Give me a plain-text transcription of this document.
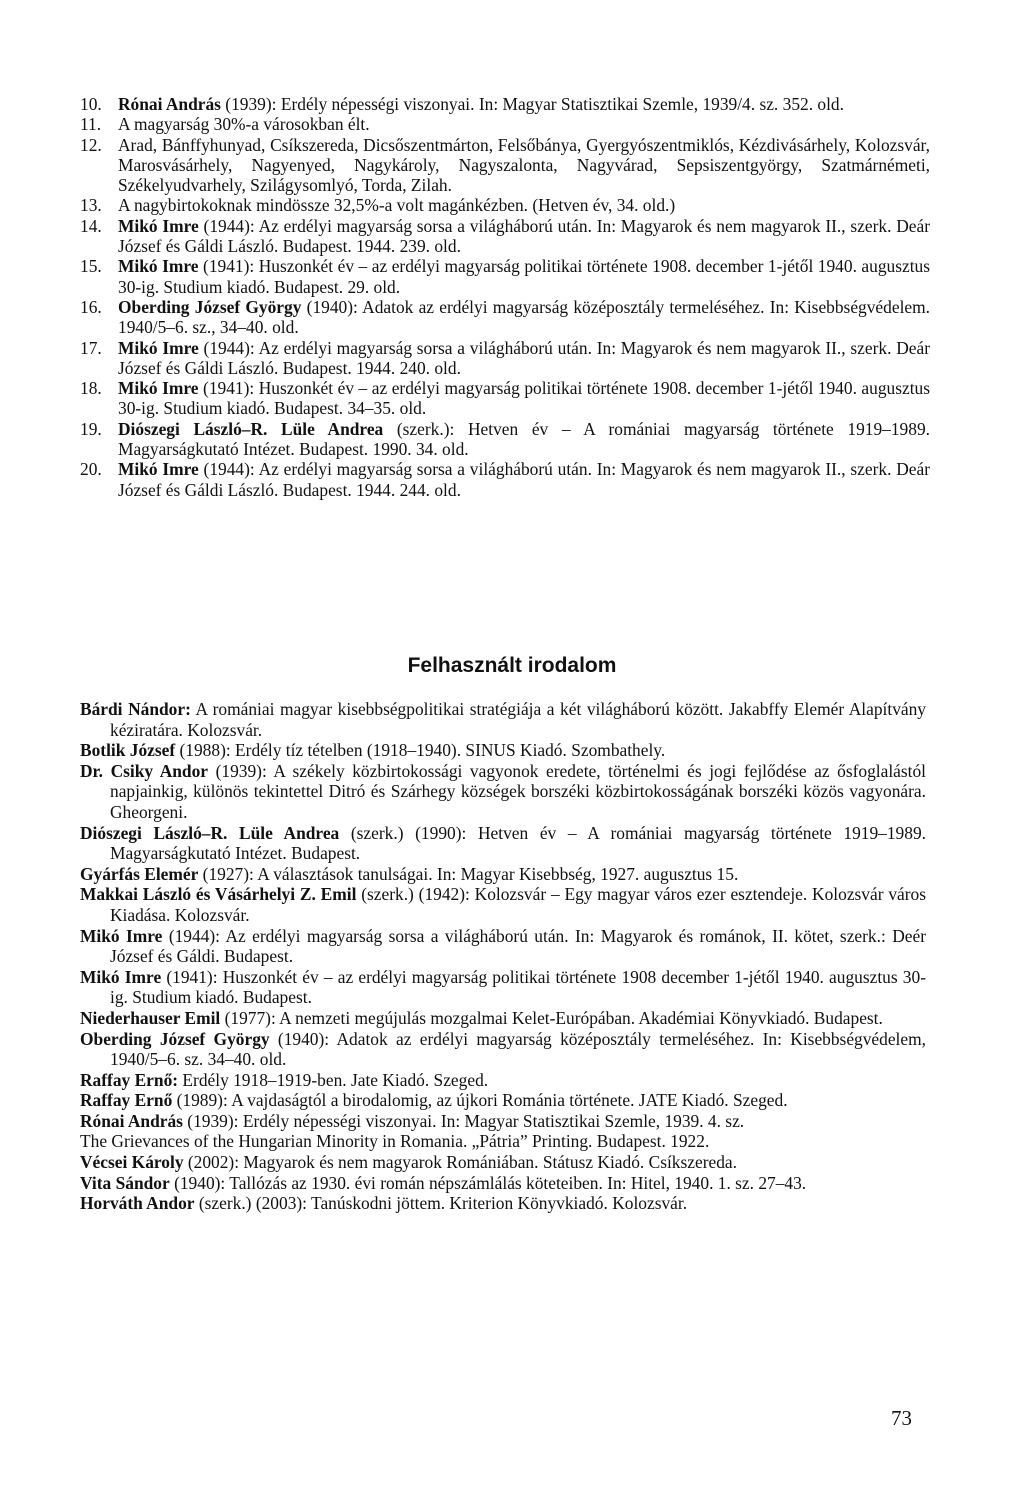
10. Rónai András (1939): Erdély népességi viszonyai. In: Magyar Statisztikai Szemle, 1939/4. sz. 352. old.
11. A magyarság 30%-a városokban élt.
12. Arad, Bánffyhunyad, Csíkszereda, Dicsőszentmárton, Felsőbánya, Gyergyószentmiklós, Kézdivásárhely, Kolozsvár, Marosvásárhely, Nagyenyed, Nagykároly, Nagyszalonta, Nagyvárad, Sepsiszentgyörgy, Szatmárnémeti, Székelyudvarhely, Szilágysomlyó, Torda, Zilah.
13. A nagybirtokoknak mindössze 32,5%-a volt magánkézben. (Hetven év, 34. old.)
14. Mikó Imre (1944): Az erdélyi magyarság sorsa a világháború után. In: Magyarok és nem magyarok II., szerk. Deár József és Gáldi László. Budapest. 1944. 239. old.
15. Mikó Imre (1941): Huszonkét év – az erdélyi magyarság politikai története 1908. december 1-jétől 1940. augusztus 30-ig. Studium kiadó. Budapest. 29. old.
16. Oberding József György (1940): Adatok az erdélyi magyarság középosztály termeléséhez. In: Kisebbségvédelem. 1940/5–6. sz., 34–40. old.
17. Mikó Imre (1944): Az erdélyi magyarság sorsa a világháború után. In: Magyarok és nem magyarok II., szerk. Deár József és Gáldi László. Budapest. 1944. 240. old.
18. Mikó Imre (1941): Huszonkét év – az erdélyi magyarság politikai története 1908. december 1-jétől 1940. augusztus 30-ig. Studium kiadó. Budapest. 34–35. old.
19. Diószegi László–R. Lüle Andrea (szerk.): Hetven év – A romániai magyarság története 1919–1989. Magyarságkutató Intézet. Budapest. 1990. 34. old.
20. Mikó Imre (1944): Az erdélyi magyarság sorsa a világháború után. In: Magyarok és nem magyarok II., szerk. Deár József és Gáldi László. Budapest. 1944. 244. old.
Felhasznált irodalom
Bárdi Nándor: A romániai magyar kisebbségpolitikai stratégiája a két világháború között. Jakabffy Elemér Alapítvány kéziratára. Kolozsvár.
Botlik József (1988): Erdély tíz tételben (1918–1940). SINUS Kiadó. Szombathely.
Dr. Csiky Andor (1939): A székely közbirtokossági vagyonok eredete, történelmi és jogi fejlődése az ősfoglalástól napjainkig, különös tekintettel Ditró és Szárhegy községek borszéki közbirtokosságának borszéki közös vagyonára. Gheorgeni.
Diószegi László–R. Lüle Andrea (szerk.) (1990): Hetven év – A romániai magyarság története 1919–1989. Magyarságkutató Intézet. Budapest.
Gyárfás Elemér (1927): A választások tanulságai. In: Magyar Kisebbség, 1927. augusztus 15.
Makkai László és Vásárhelyi Z. Emil (szerk.) (1942): Kolozsvár – Egy magyar város ezer esztendeje. Kolozsvár város Kiadása. Kolozsvár.
Mikó Imre (1944): Az erdélyi magyarság sorsa a világháború után. In: Magyarok és románok, II. kötet, szerk.: Deér József és Gáldi. Budapest.
Mikó Imre (1941): Huszonkét év – az erdélyi magyarság politikai története 1908 december 1-jétől 1940. augusztus 30-ig. Studium kiadó. Budapest.
Niederhauser Emil (1977): A nemzeti megújulás mozgalmai Kelet-Európában. Akadémiai Könyvkiadó. Budapest.
Oberding József György (1940): Adatok az erdélyi magyarság középosztály termeléséhez. In: Kisebbségvédelem, 1940/5–6. sz. 34–40. old.
Raffay Ernő: Erdély 1918–1919-ben. Jate Kiadó. Szeged.
Raffay Ernő (1989): A vajdaságtól a birodalomig, az újkori Románia története. JATE Kiadó. Szeged.
Rónai András (1939): Erdély népességi viszonyai. In: Magyar Statisztikai Szemle, 1939. 4. sz.
The Grievances of the Hungarian Minority in Romania. „Pátria” Printing. Budapest. 1922.
Vécsei Károly (2002): Magyarok és nem magyarok Romániában. Státusz Kiadó. Csíkszereda.
Vita Sándor (1940): Tallózás az 1930. évi román népszámlálás köteteiben. In: Hitel, 1940. 1. sz. 27–43.
Horváth Andor (szerk.) (2003): Tanúskodni jöttem. Kriterion Könyvkiadó. Kolozsvár.
73
